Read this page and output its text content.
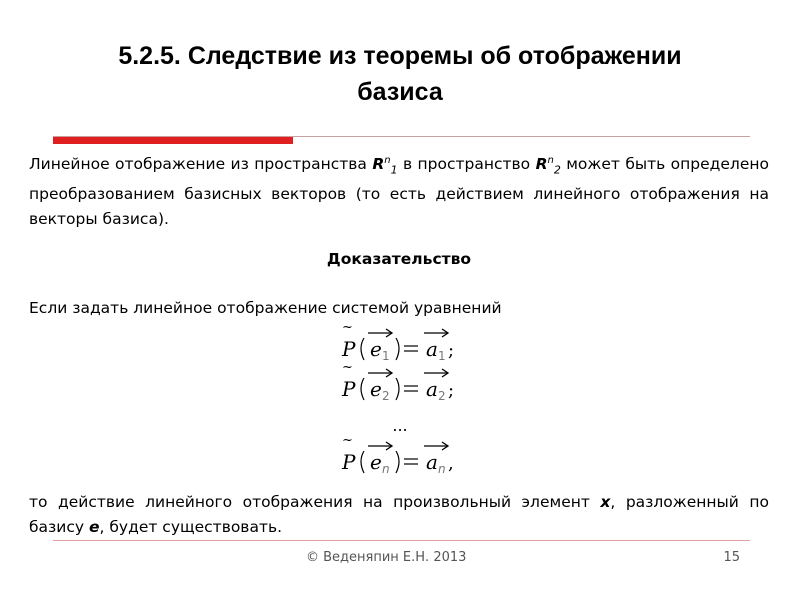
5.2.5. Следствие из теоремы об отображении
базиса

Линейное отображение из пространства $R^n_1$ в пространство $R^n_2$ может быть определено преобразованием базисных векторов (то есть действием линейного отображения на векторы базиса).

Доказательство

Если задать линейное отображение системой уравнений

~
P e 1 a 1 ;
~
P e 2 a 2 ;
...
~
P e n a n ,

то действие линейного отображения на произвольный элемент x, разложенный по базису e, будет существовать.

© Веденяпин Е.Н. 2013	15
